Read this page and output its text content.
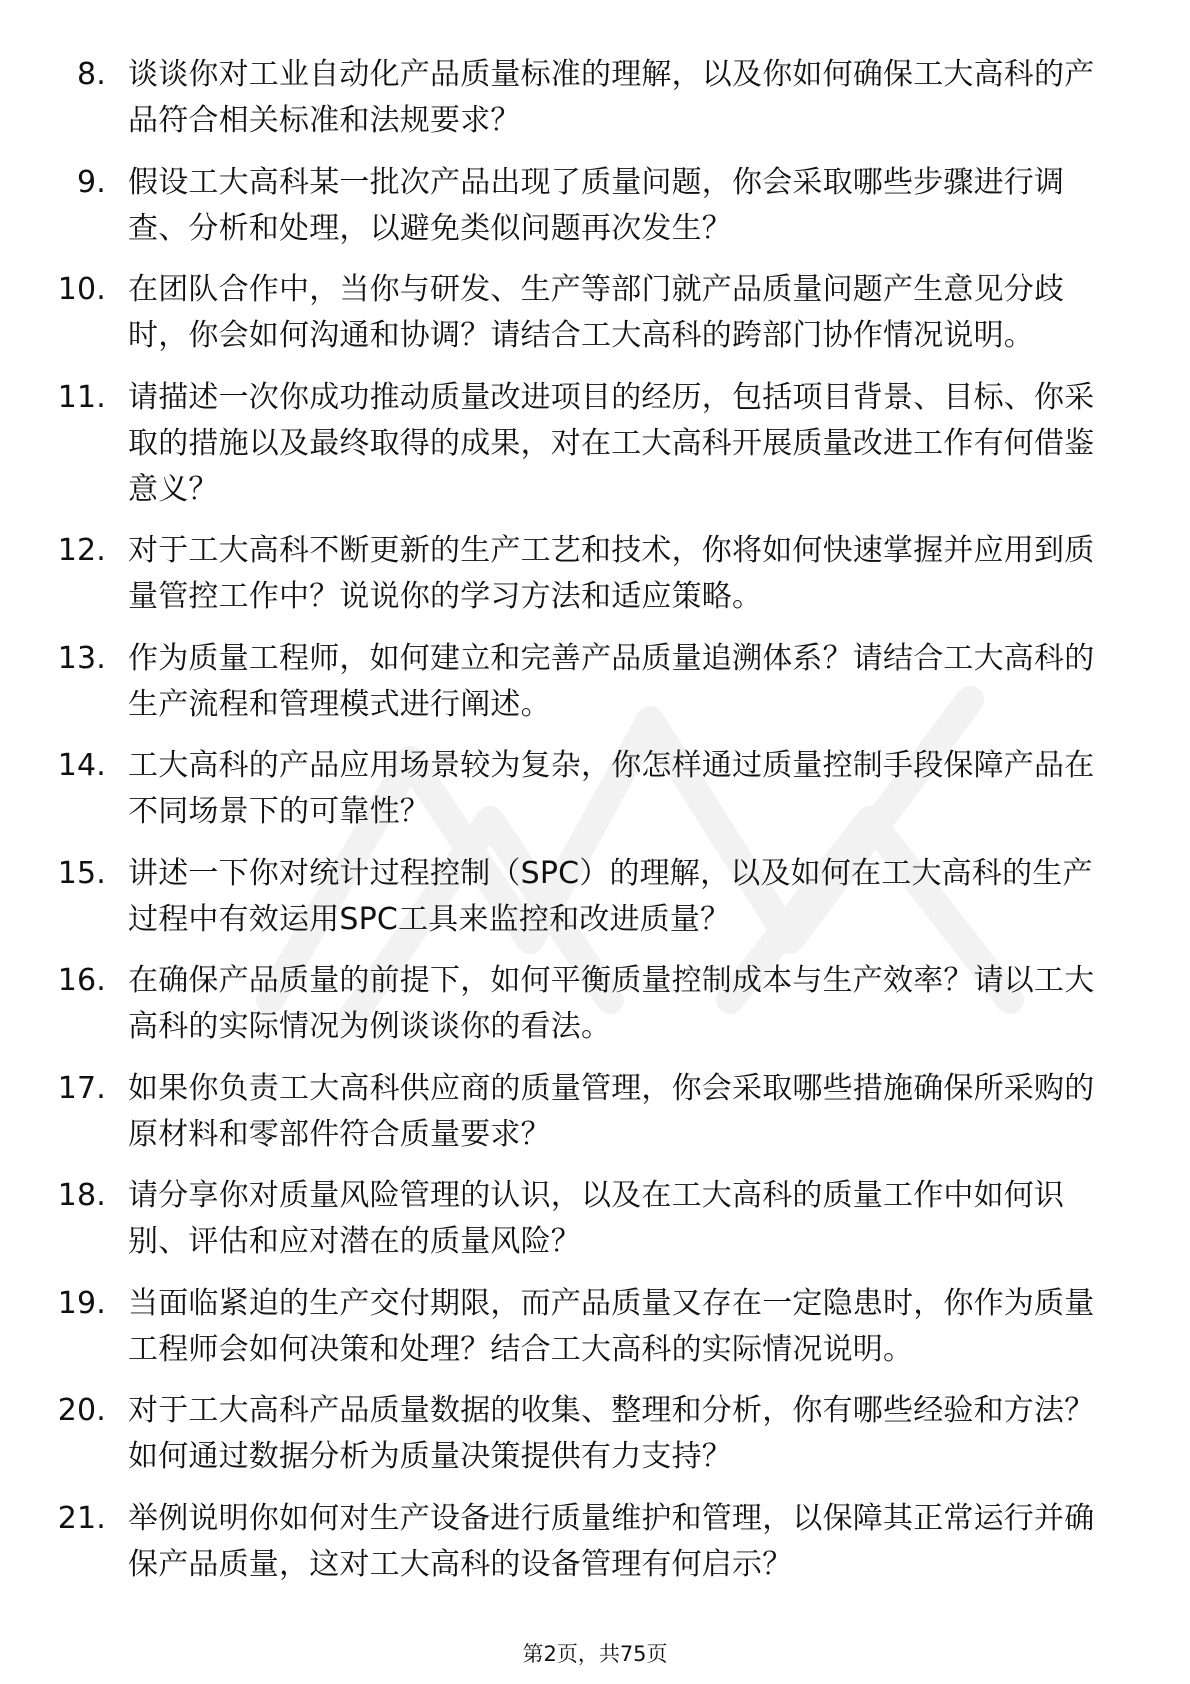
8. 谈谈你对工业自动化产品质量标准的理解，以及你如何确保工大高科的产品符合相关标准和法规要求？
9. 假设工大高科某一批次产品出现了质量问题，你会采取哪些步骤进行调查、分析和处理，以避免类似问题再次发生？
10. 在团队合作中，当你与研发、生产等部门就产品质量问题产生意见分歧时，你会如何沟通和协调？请结合工大高科的跨部门协作情况说明。
11. 请描述一次你成功推动质量改进项目的经历，包括项目背景、目标、你采取的措施以及最终取得的成果，对在工大高科开展质量改进工作有何借鉴意义？
12. 对于工大高科不断更新的生产工艺和技术，你将如何快速掌握并应用到质量管控工作中？说说你的学习方法和适应策略。
13. 作为质量工程师，如何建立和完善产品质量追溯体系？请结合工大高科的生产流程和管理模式进行阐述。
14. 工大高科的产品应用场景较为复杂，你怎样通过质量控制手段保障产品在不同场景下的可靠性？
15. 讲述一下你对统计过程控制（SPC）的理解，以及如何在工大高科的生产过程中有效运用SPC工具来监控和改进质量？
16. 在确保产品质量的前提下，如何平衡质量控制成本与生产效率？请以工大高科的实际情况为例谈谈你的看法。
17. 如果你负责工大高科供应商的质量管理，你会采取哪些措施确保所采购的原材料和零部件符合质量要求？
18. 请分享你对质量风险管理的认识，以及在工大高科的质量工作中如何识别、评估和应对潜在的质量风险？
19. 当面临紧迫的生产交付期限，而产品质量又存在一定隐患时，你作为质量工程师会如何决策和处理？结合工大高科的实际情况说明。
20. 对于工大高科产品质量数据的收集、整理和分析，你有哪些经验和方法？如何通过数据分析为质量决策提供有力支持？
21. 举例说明你如何对生产设备进行质量维护和管理，以保障其正常运行并确保产品质量，这对工大高科的设备管理有何启示？
第2页，共75页
